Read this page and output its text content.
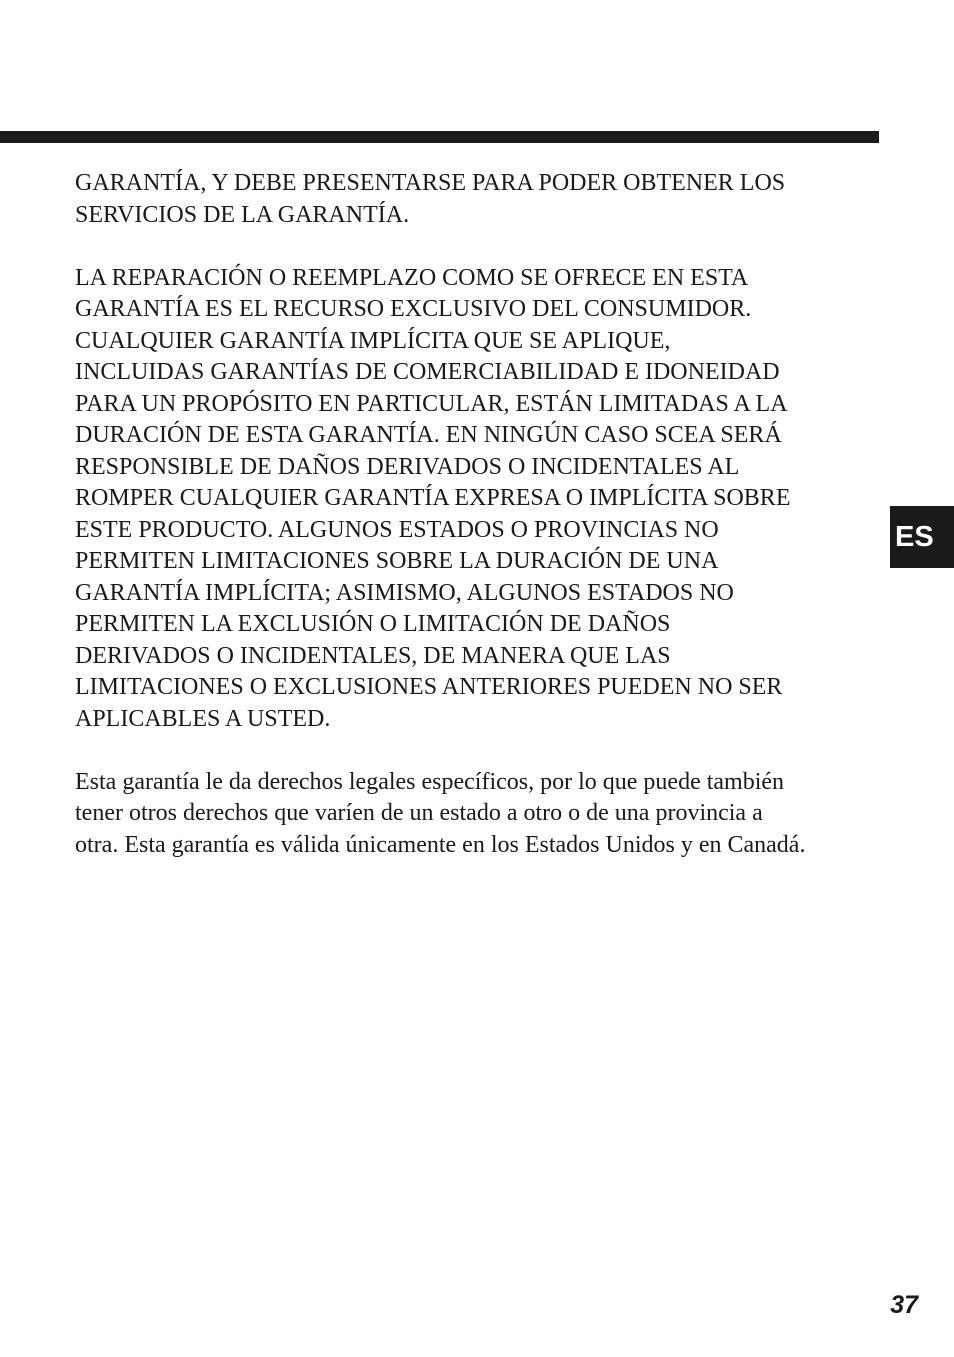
GARANTÍA, Y DEBE PRESENTARSE PARA PODER OBTENER LOS
SERVICIOS DE LA GARANTÍA.

LA REPARACIÓN O REEMPLAZO COMO SE OFRECE EN ESTA
GARANTÍA ES EL RECURSO EXCLUSIVO DEL CONSUMIDOR.
CUALQUIER GARANTÍA IMPLÍCITA QUE SE APLIQUE,
INCLUIDAS GARANTÍAS DE COMERCIABILIDAD E IDONEIDAD
PARA UN PROPÓSITO EN PARTICULAR, ESTÁN LIMITADAS A LA
DURACIÓN DE ESTA GARANTÍA. EN NINGÚN CASO SCEA SERÁ
RESPONSIBLE DE DAÑOS DERIVADOS O INCIDENTALES AL
ROMPER CUALQUIER GARANTÍA EXPRESA O IMPLÍCITA SOBRE
ESTE PRODUCTO. ALGUNOS ESTADOS O PROVINCIAS NO
PERMITEN LIMITACIONES SOBRE LA DURACIÓN DE UNA
GARANTÍA IMPLÍCITA; ASIMISMO, ALGUNOS ESTADOS NO
PERMITEN LA EXCLUSIÓN O LIMITACIÓN DE DAÑOS
DERIVADOS O INCIDENTALES, DE MANERA QUE LAS
LIMITACIONES O EXCLUSIONES ANTERIORES PUEDEN NO SER
APLICABLES A USTED.

Esta garantía le da derechos legales específicos, por lo que puede también
tener otros derechos que varíen de un estado a otro o de una provincia a
otra. Esta garantía es válida únicamente en los Estados Unidos y en Canadá.

ES
37
